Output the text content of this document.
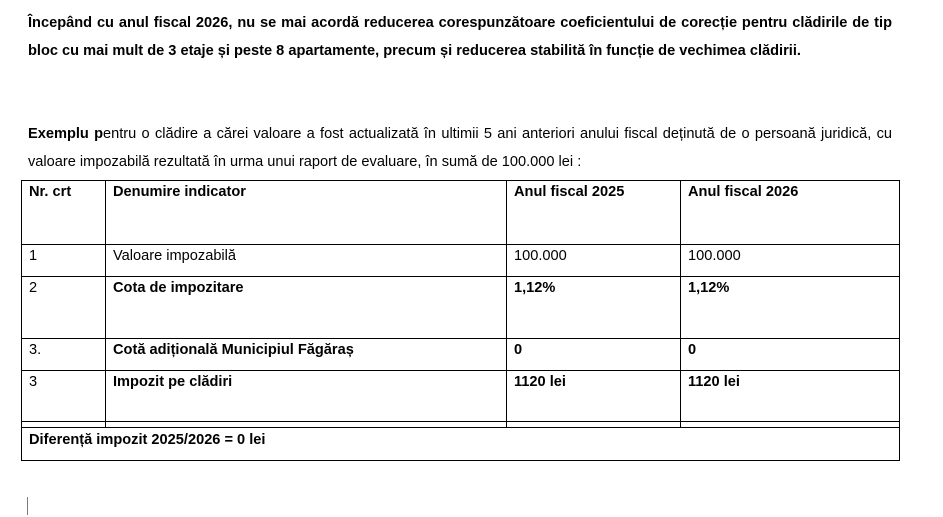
Începând cu anul fiscal 2026, nu se mai acordă reducerea corespunzătoare coeficientului de corecție pentru clădirile de tip bloc cu mai mult de 3 etaje și peste 8 apartamente, precum și reducerea stabilită în funcție de vechimea clădirii.

Exemplu pentru o clădire a cărei valoare a fost actualizată în ultimii 5 ani anteriori anului fiscal deținută de o persoană juridică, cu valoare impozabilă rezultată în urma unui raport de evaluare, în sumă de 100.000 lei :

Nr. crt	Denumire indicator	Anul fiscal 2025	Anul fiscal 2026
1	Valoare impozabilă	100.000	100.000
2	Cota de impozitare	1,12%	1,12%
3.	Cotă adițională Municipiul Făgăraș	0	0
3	Impozit pe clădiri	1120 lei	1120 lei

Diferență impozit 2025/2026 = 0 lei			
